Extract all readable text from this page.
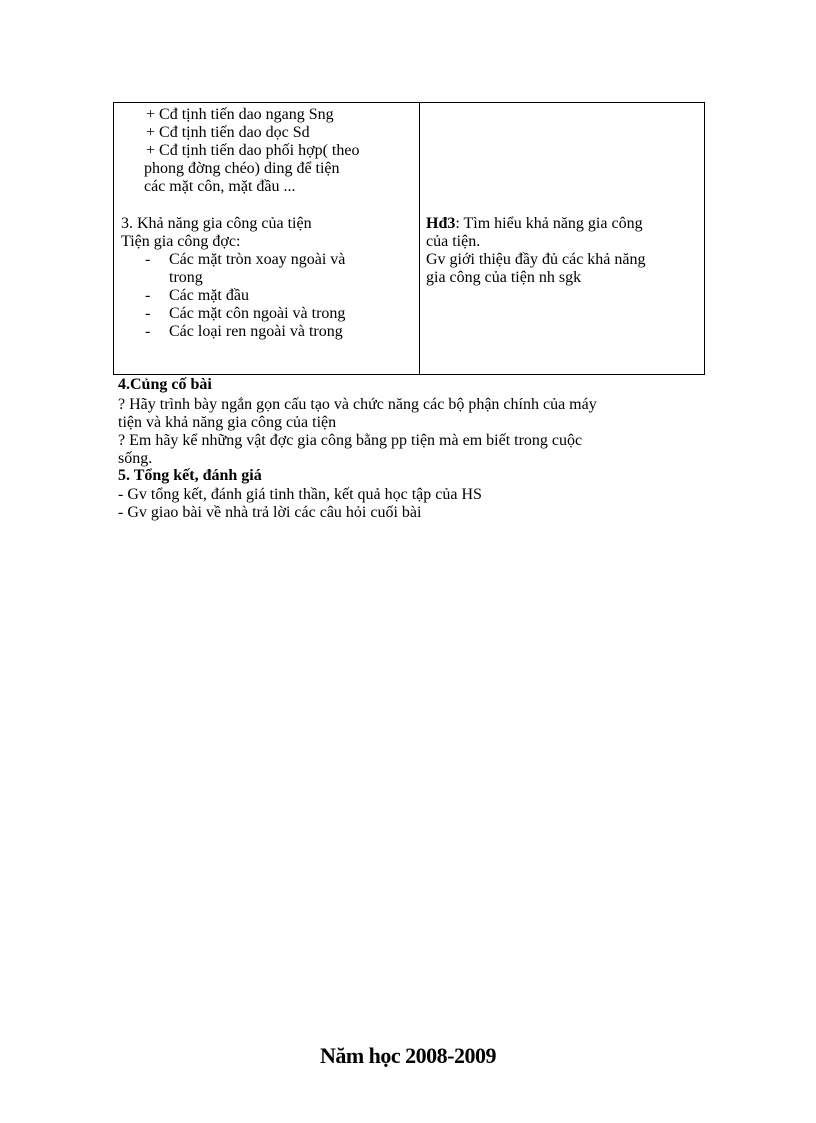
+ Cđ tịnh tiến dao ngang Sng
+ Cđ tịnh tiến dao dọc Sd
+ Cđ tịnh tiến dao phối hợp( theo
phong đờng chéo) ding để tiện
các mặt côn, mặt đầu ...
3. Khả năng gia công của tiện
Tiện gia công đợc:
- Các mặt tròn xoay ngoài và
trong
- Các mặt đầu
- Các mặt côn ngoài và trong
- Các loại ren ngoài và trong
Hđ3: Tìm hiểu khả năng gia công
của tiện.
Gv giới thiệu đầy đủ các khả năng
gia công của tiện nh sgk
4.Củng cố bài
? Hãy trình bày ngắn gọn cấu tạo và chức năng các bộ phận chính của máy
tiện và khả năng gia công của tiện
? Em hãy kể những vật đợc gia công bằng pp tiện mà em biết trong cuộc
sống.
5. Tổng kết, đánh giá
- Gv tổng kết, đánh giá tinh thần, kết quả học tập của HS
- Gv giao bài về nhà trả lời các câu hỏi cuối bài
Năm học 2008-2009
